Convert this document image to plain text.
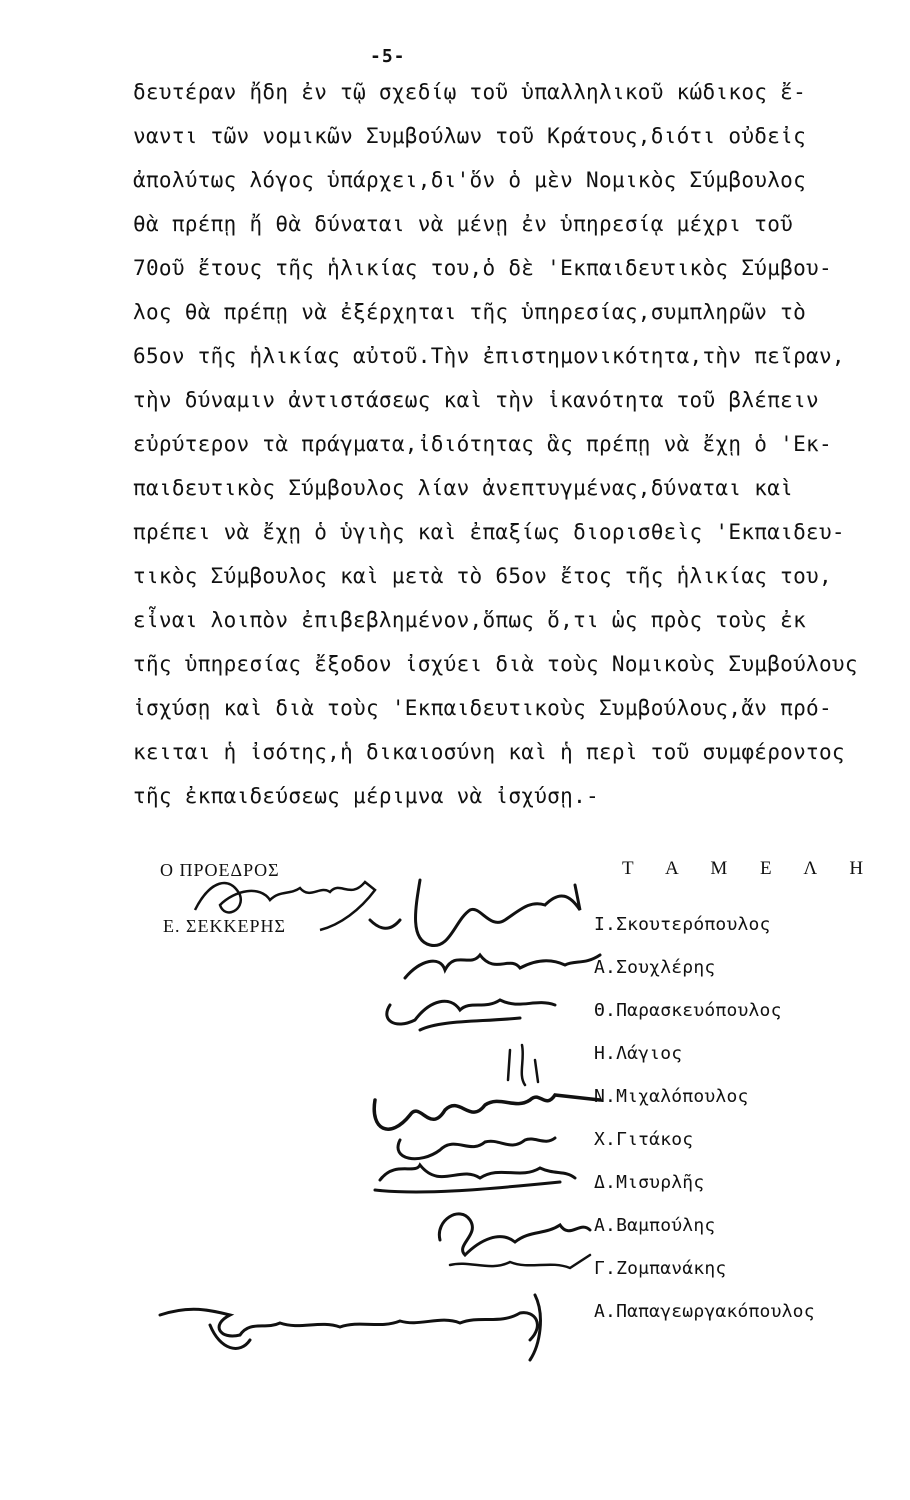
-5-
δευτέραν ἤδη ἐν τῷ σχεδίῳ τοῦ ὑπαλληλικοῦ κώδικος ἔ-
ναντι τῶν νομικῶν Συμβούλων τοῦ Κράτους,διότι οὐδεἰς
ἀπολύτως λόγος ὑπάρχει,δι'ὅν ὁ μὲν Νομικὸς Σύμβουλος
θὰ πρέπῃ ἤ θὰ δύναται νὰ μένῃ ἐν ὑπηρεσίᾳ μέχρι τοῦ
70οῦ ἔτους τῆς ἡλικίας του,ὁ δὲ 'Εκπαιδευτικὸς Σύμβου-
λος θὰ πρέπῃ νὰ ἐξέρχηται τῆς ὑπηρεσίας,συμπληρῶν τὸ
65ον τῆς ἡλικίας αὐτοῦ.Τὴν ἐπιστημονικότητα,τὴν πεῖραν,
τὴν δύναμιν ἀντιστάσεως καὶ τὴν ἱκανότητα τοῦ βλέπειν
εὐρύτερον τὰ πράγματα,ἰδιότητας ἃς πρέπῃ νὰ ἔχῃ ὁ 'Εκ-
παιδευτικὸς Σύμβουλος λίαν ἀνεπτυγμένας,δύναται καὶ
πρέπει νὰ ἔχῃ ὁ ὑγιὴς καὶ ἐπαξίως διορισθεὶς 'Εκπαιδευ-
τικὸς Σύμβουλος καὶ μετὰ τὸ 65ον ἔτος τῆς ἡλικίας του,
εἶναι λοιπὸν ἐπιβεβλημένον,ὅπως ὅ,τι ὡς πρὸς τοὺς ἐκ
τῆς ὑπηρεσίας ἔξοδον ἰσχύει διὰ τοὺς Νομικοὺς Συμβούλους
ἰσχύσῃ καὶ διὰ τοὺς 'Εκπαιδευτικοὺς Συμβούλους,ἄν πρό-
κειται ἡ ἰσότης,ἡ δικαιοσύνη καὶ ἡ περὶ τοῦ συμφέροντος
τῆς ἐκπαιδεύσεως μέριμνα νὰ ἰσχύσῃ.-
Ο ΠΡΟΕΔΡΟΣ
Ε. ΣΕΚΚΕΡΗΣ
Τ Α Μ Ε Λ Η
Ι.Σκουτερόπουλος
Α.Σουχλέρης
Θ.Παρασκευόπουλος
Η.Λάγιος
Ν.Μιχαλόπουλος
Χ.Γιτάκος
Δ.Μισυρλῆς
Α.Βαμπούλης
Γ.Ζομπανάκης
Α.Παπαγεωργακόπουλος
